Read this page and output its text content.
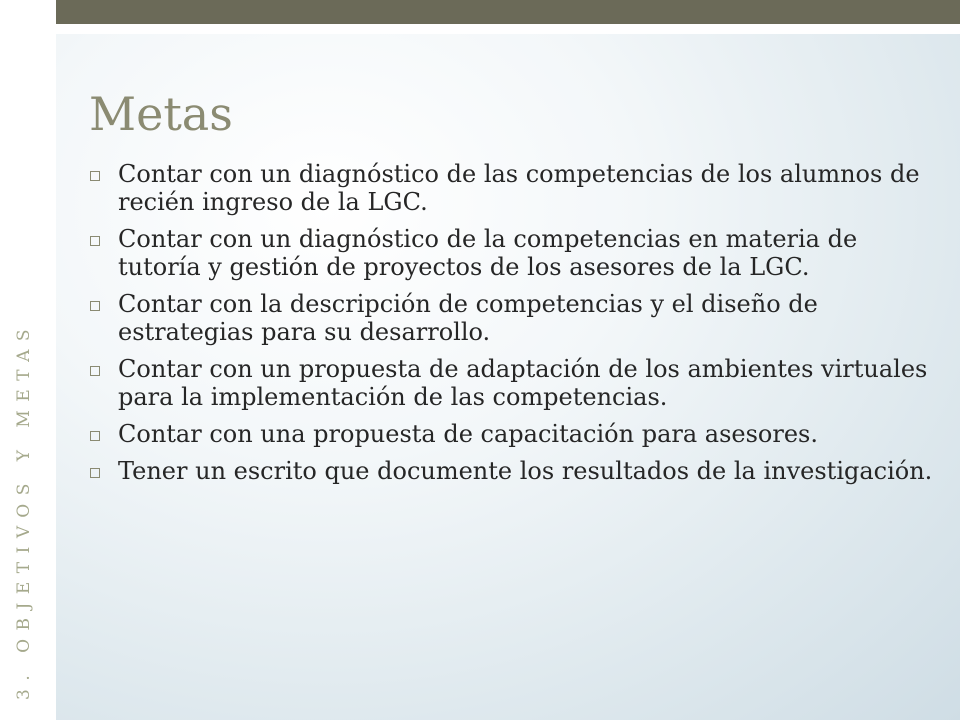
3. OBJETIVOS Y METAS
Metas
Contar con un diagnóstico de las competencias de los alumnos de recién ingreso de la LGC.
Contar con un diagnóstico de la competencias en materia de tutoría y gestión de proyectos de los asesores de la LGC.
Contar con la descripción de competencias y el diseño de estrategias para su desarrollo.
Contar con un propuesta de adaptación de los ambientes virtuales para la implementación de las competencias.
Contar con una propuesta de capacitación para asesores.
Tener un escrito que documente los resultados de la investigación.
